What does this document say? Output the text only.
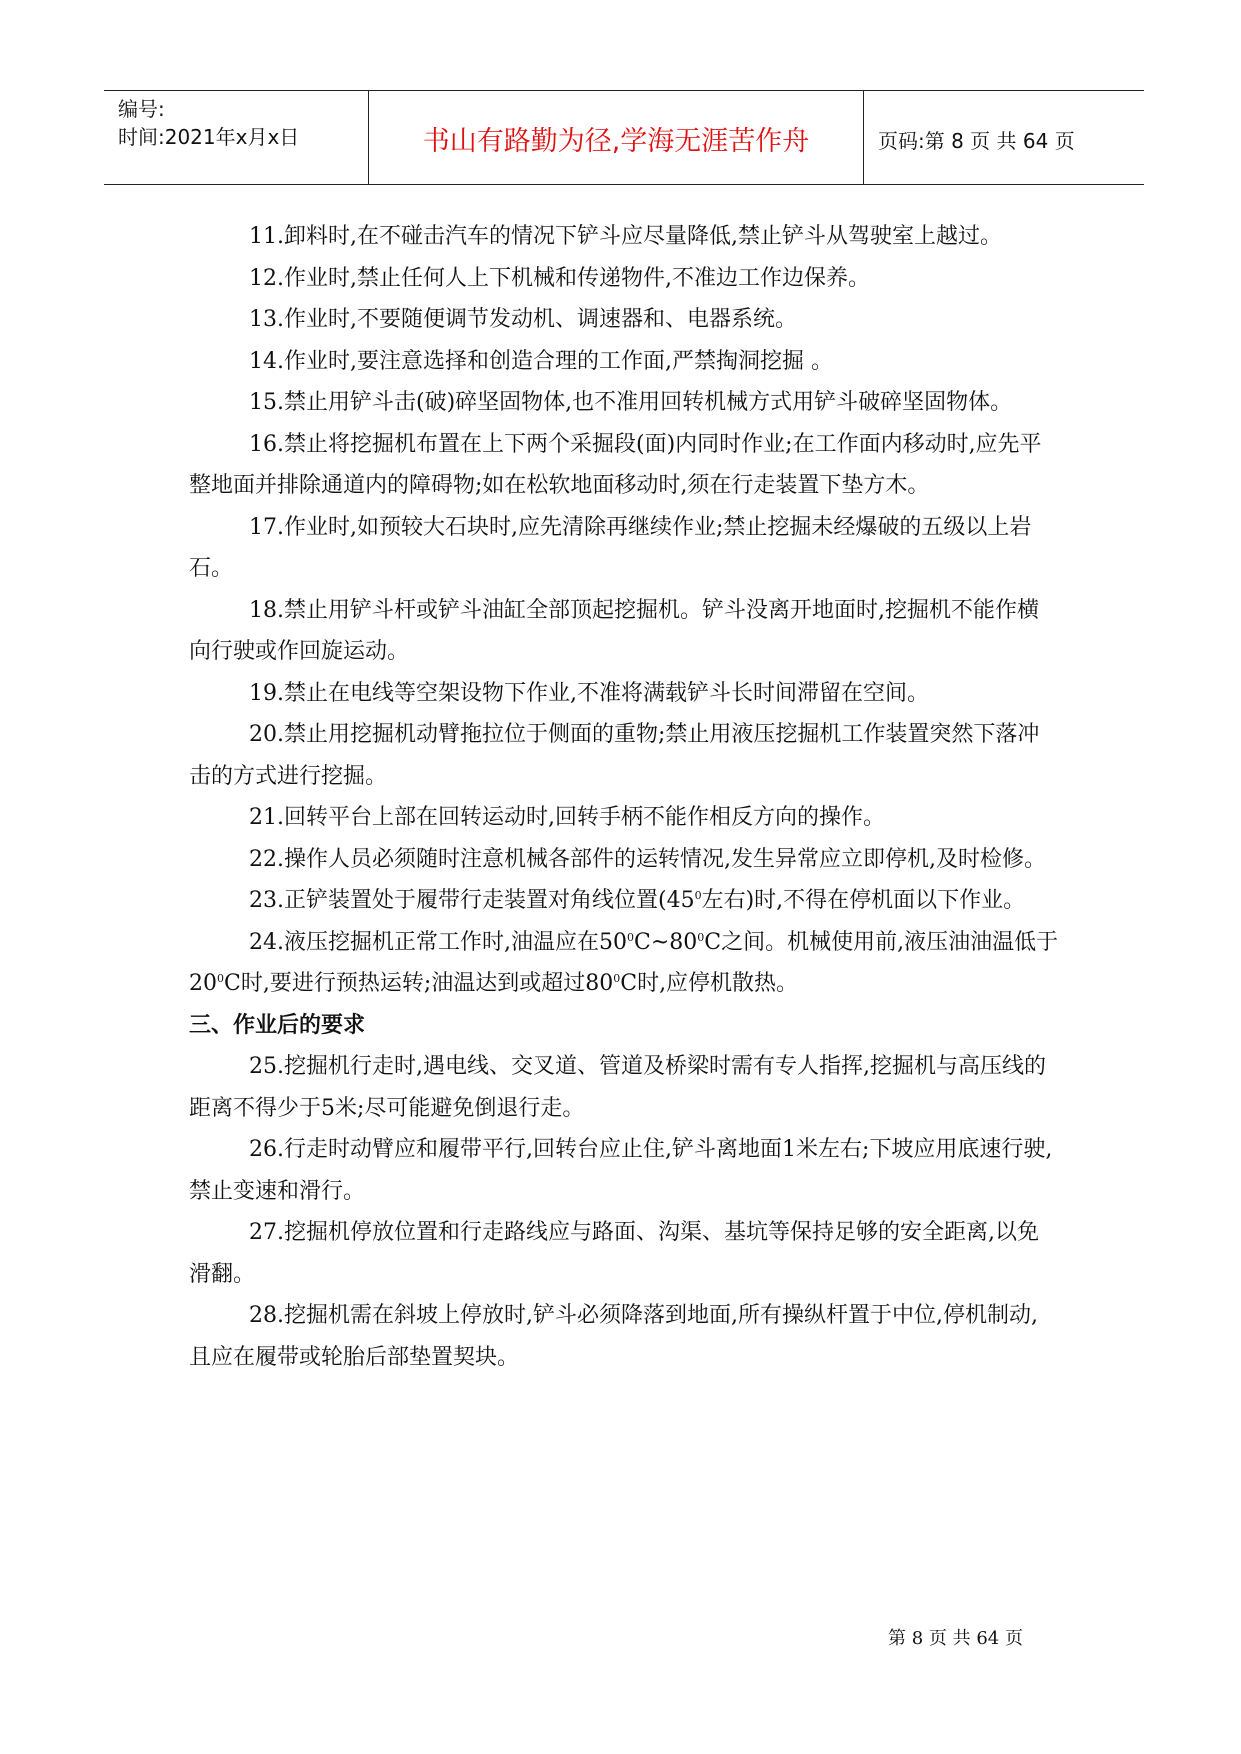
编号:
时间:2021年x月x日	书山有路勤为径,学海无涯苦作舟	页码:第 8 页 共 64 页

11.卸料时,在不碰击汽车的情况下铲斗应尽量降低,禁止铲斗从驾驶室上越过。

12.作业时,禁止任何人上下机械和传递物件,不准边工作边保养。

13.作业时,不要随便调节发动机、调速器和、电器系统。

14.作业时,要注意选择和创造合理的工作面,严禁掏洞挖掘 。

15.禁止用铲斗击(破)碎坚固物体,也不准用回转机械方式用铲斗破碎坚固物体。

16.禁止将挖掘机布置在上下两个采掘段(面)内同时作业;在工作面内移动时,应先平整地面并排除通道内的障碍物;如在松软地面移动时,须在行走装置下垫方木。

17.作业时,如预较大石块时,应先清除再继续作业;禁止挖掘未经爆破的五级以上岩石。

18.禁止用铲斗杆或铲斗油缸全部顶起挖掘机。铲斗没离开地面时,挖掘机不能作横向行驶或作回旋运动。

19.禁止在电线等空架设物下作业,不准将满载铲斗长时间滞留在空间。

20.禁止用挖掘机动臂拖拉位于侧面的重物;禁止用液压挖掘机工作装置突然下落冲击的方式进行挖掘。

21.回转平台上部在回转运动时,回转手柄不能作相反方向的操作。

22.操作人员必须随时注意机械各部件的运转情况,发生异常应立即停机,及时检修。

23.正铲装置处于履带行走装置对角线位置($45^0$左右)时,不得在停机面以下作业。

24.液压挖掘机正常工作时,油温应在$50^0C\sim 80^0C$之间。机械使用前,液压油油温低于$20^0C$时,要进行预热运转;油温达到或超过$80^0C$时,应停机散热。

三、作业后的要求

25.挖掘机行走时,遇电线、交叉道、管道及桥梁时需有专人指挥,挖掘机与高压线的距离不得少于5米;尽可能避免倒退行走。

26.行走时动臂应和履带平行,回转台应止住,铲斗离地面1米左右;下坡应用底速行驶,禁止变速和滑行。

27.挖掘机停放位置和行走路线应与路面、沟渠、基坑等保持足够的安全距离,以免滑翻。

28.挖掘机需在斜坡上停放时,铲斗必须降落到地面,所有操纵杆置于中位,停机制动,且应在履带或轮胎后部垫置契块。

第 8 页 共 64 页
